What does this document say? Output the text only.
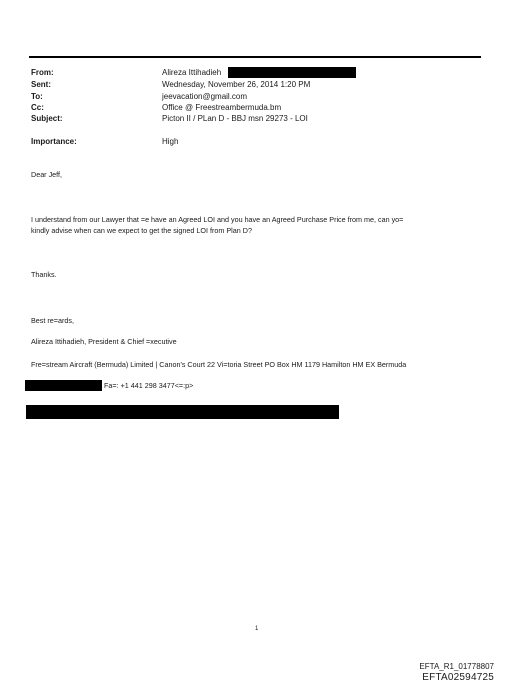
From:	Alireza Ittihadieh
Sent:	Wednesday, November 26, 2014 1:20 PM
To:	jeevacation@gmail.com
Cc:	Office @ Freestreambermuda.bm
Subject:	Picton II / PLan D - BBJ msn 29273 - LOI
Importance:	High
Dear Jeff,
I understand from our Lawyer that =e have an Agreed LOI and you have an Agreed Purchase Price from me, can yo=
kindly advise when can we expect to get the signed LOI from Plan D?
Thanks.
Best re=ards,
Alireza Ittihadieh, President & Chief =xecutive
Fre=stream Aircraft (Bermuda) Limited | Canon's Court 22 Vi=toria Street PO Box HM 1179 Hamilton HM EX Bermuda
Fa=: +1 441 298 3477<=:p>
1
EFTA_R1_01778807
EFTA02594725
